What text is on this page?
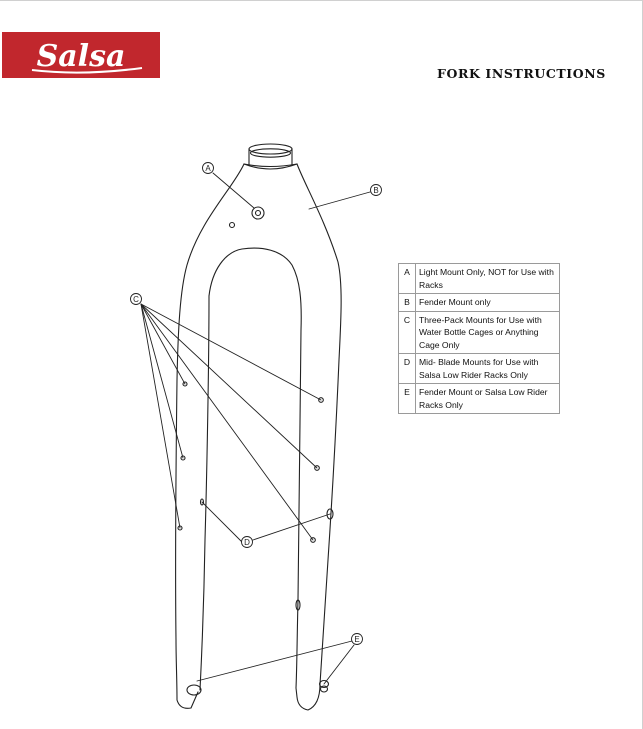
Salsa	FORK INSTRUCTIONS
A
B
C
D
E
A	Light Mount Only, NOT for Use with Racks
B	Fender Mount only
C	Three-Pack Mounts for Use with Water Bottle Cages or Anything Cage Only
D	Mid- Blade Mounts for Use with Salsa Low Rider Racks Only
E	Fender Mount or Salsa Low Rider Racks Only
